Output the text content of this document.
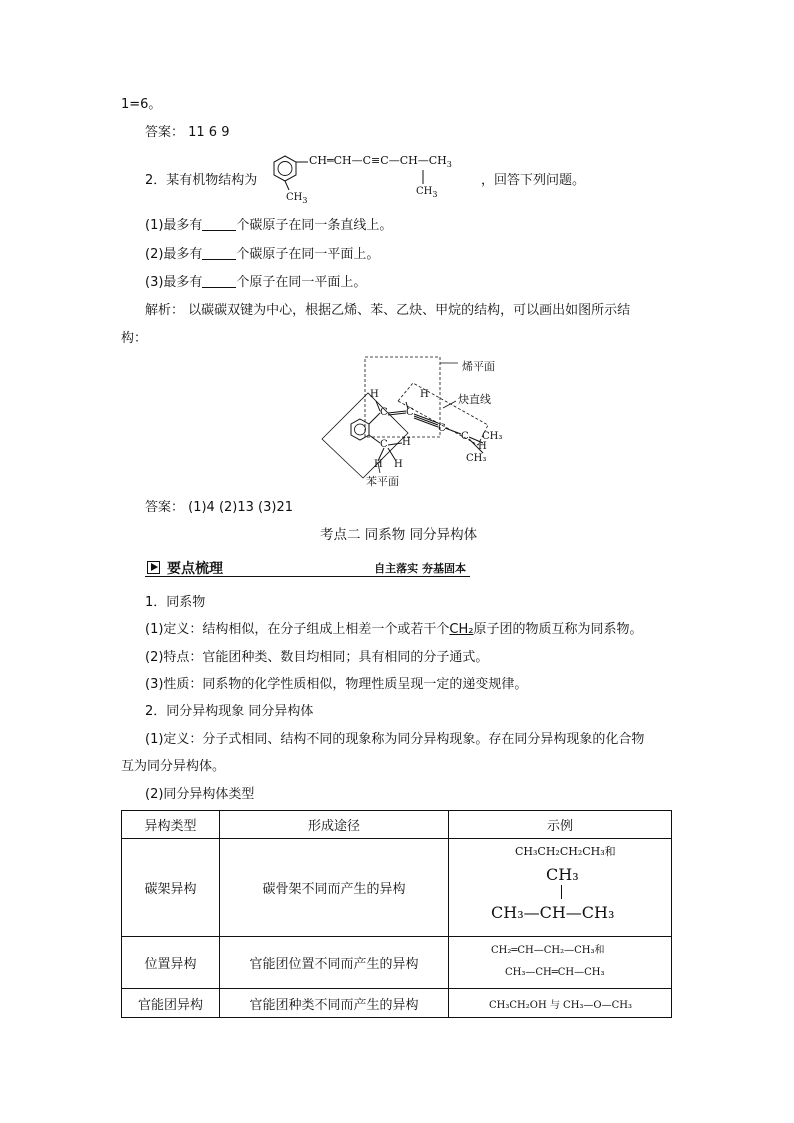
1=6。
答案： 11 6 9
2．某有机物结构为
$CH═CH—C\equiv C—CH—CH_3$
$CH_3$
$CH_3$
，回答下列问题。
(1)最多有	个碳原子在同一条直线上。
(2)最多有	个碳原子在同一平面上。
(3)最多有	个原子在同一平面上。
解析： 以碳碳双键为中心，根据乙烯、苯、乙炔、甲烷的结构，可以画出如图所示结
构：
烯平面
炔直线
苯平面
H	H
C C
C
C CH₃
H
CH₃
C H
H H
答案： (1)4 (2)13 (3)21
考点二 同系物 同分异构体
要点梳理	自主落实 夯基固本
1．同系物
(1)定义：结构相似，在分子组成上相差一个或若干个CH₂原子团的物质互称为同系物。
(2)特点：官能团种类、数目均相同；具有相同的分子通式。
(3)性质：同系物的化学性质相似，物理性质呈现一定的递变规律。
2．同分异构现象 同分异构体
(1)定义：分子式相同、结构不同的现象称为同分异构现象。存在同分异构现象的化合物
互为同分异构体。
(2)同分异构体类型
异构类型	形成途径	示例
碳架异构	碳骨架不同而产生的异构	CH₃CH₂CH₂CH₃和
CH₃
CH₃—CH—CH₃

位置异构	官能团位置不同而产生的异构	CH₂═CH—CH₂—CH₃和
CH₃—CH═CH—CH₃

官能团异构	官能团种类不同而产生的异构	CH₃CH₂OH 与 CH₃—O—CH₃
